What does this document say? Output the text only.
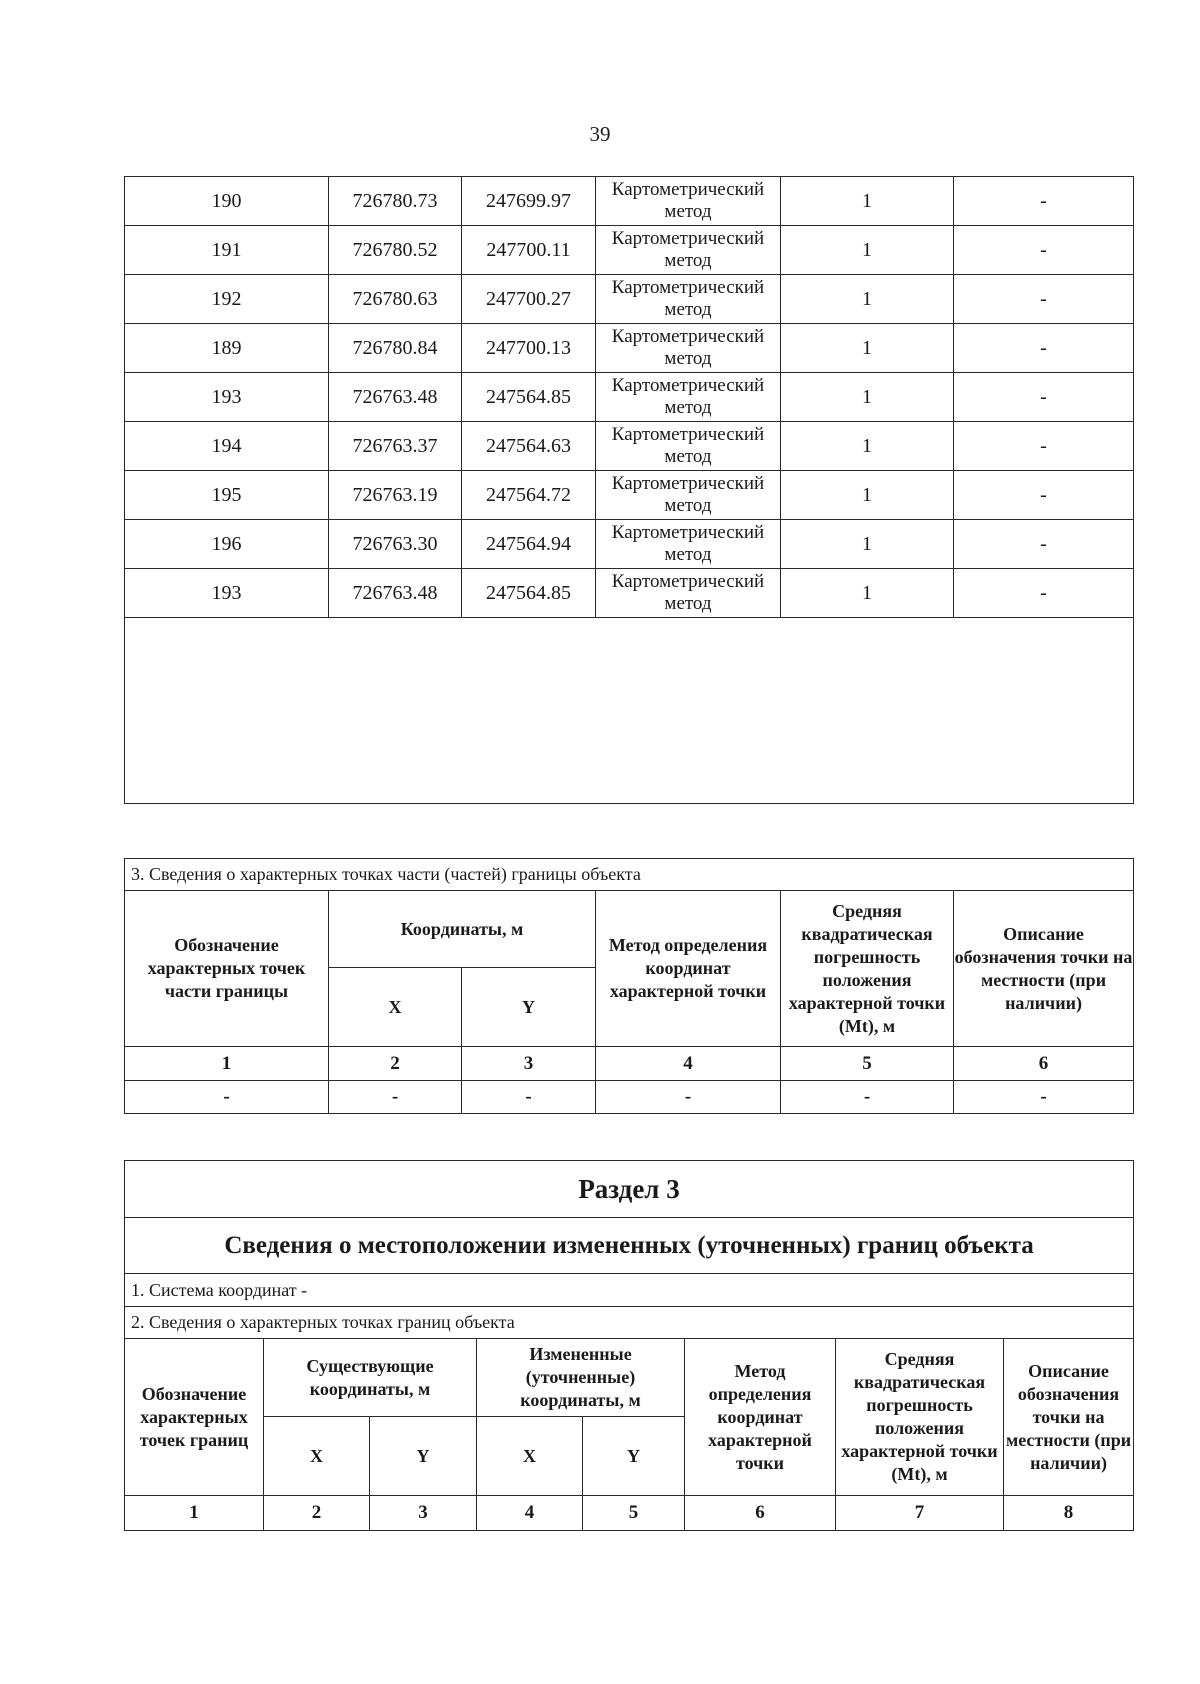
39
190	726780.73	247699.97	Картометрический метод	1	-
191	726780.52	247700.11	Картометрический метод	1	-
192	726780.63	247700.27	Картометрический метод	1	-
189	726780.84	247700.13	Картометрический метод	1	-
193	726763.48	247564.85	Картометрический метод	1	-
194	726763.37	247564.63	Картометрический метод	1	-
195	726763.19	247564.72	Картометрический метод	1	-
196	726763.30	247564.94	Картометрический метод	1	-
193	726763.48	247564.85	Картометрический метод	1	-

3. Сведения о характерных точках части (частей) границы объекта					
Обозначение характерных точек части границы	Координаты, м		Метод определения координат характерной точки	Средняя квадратическая погрешность положения характерной точки (Mt), м	Описание обозначения точки на местности (при наличии)
	X	Y			
1	2	3	4	5	6
-	-	-	-	-	-
Раздел 3							
Сведения о местоположении измененных (уточненных) границ объекта							
1. Система координат -							
2. Сведения о характерных точках границ объекта							
Обозначение характерных точек границ	Существующие координаты, м		Измененные (уточненные) координаты, м		Метод определения координат характерной точки	Средняя квадратическая погрешность положения характерной точки (Mt), м	Описание обозначения точки на местности (при наличии)
	X	Y	X	Y			
1	2	3	4	5	6	7	8
